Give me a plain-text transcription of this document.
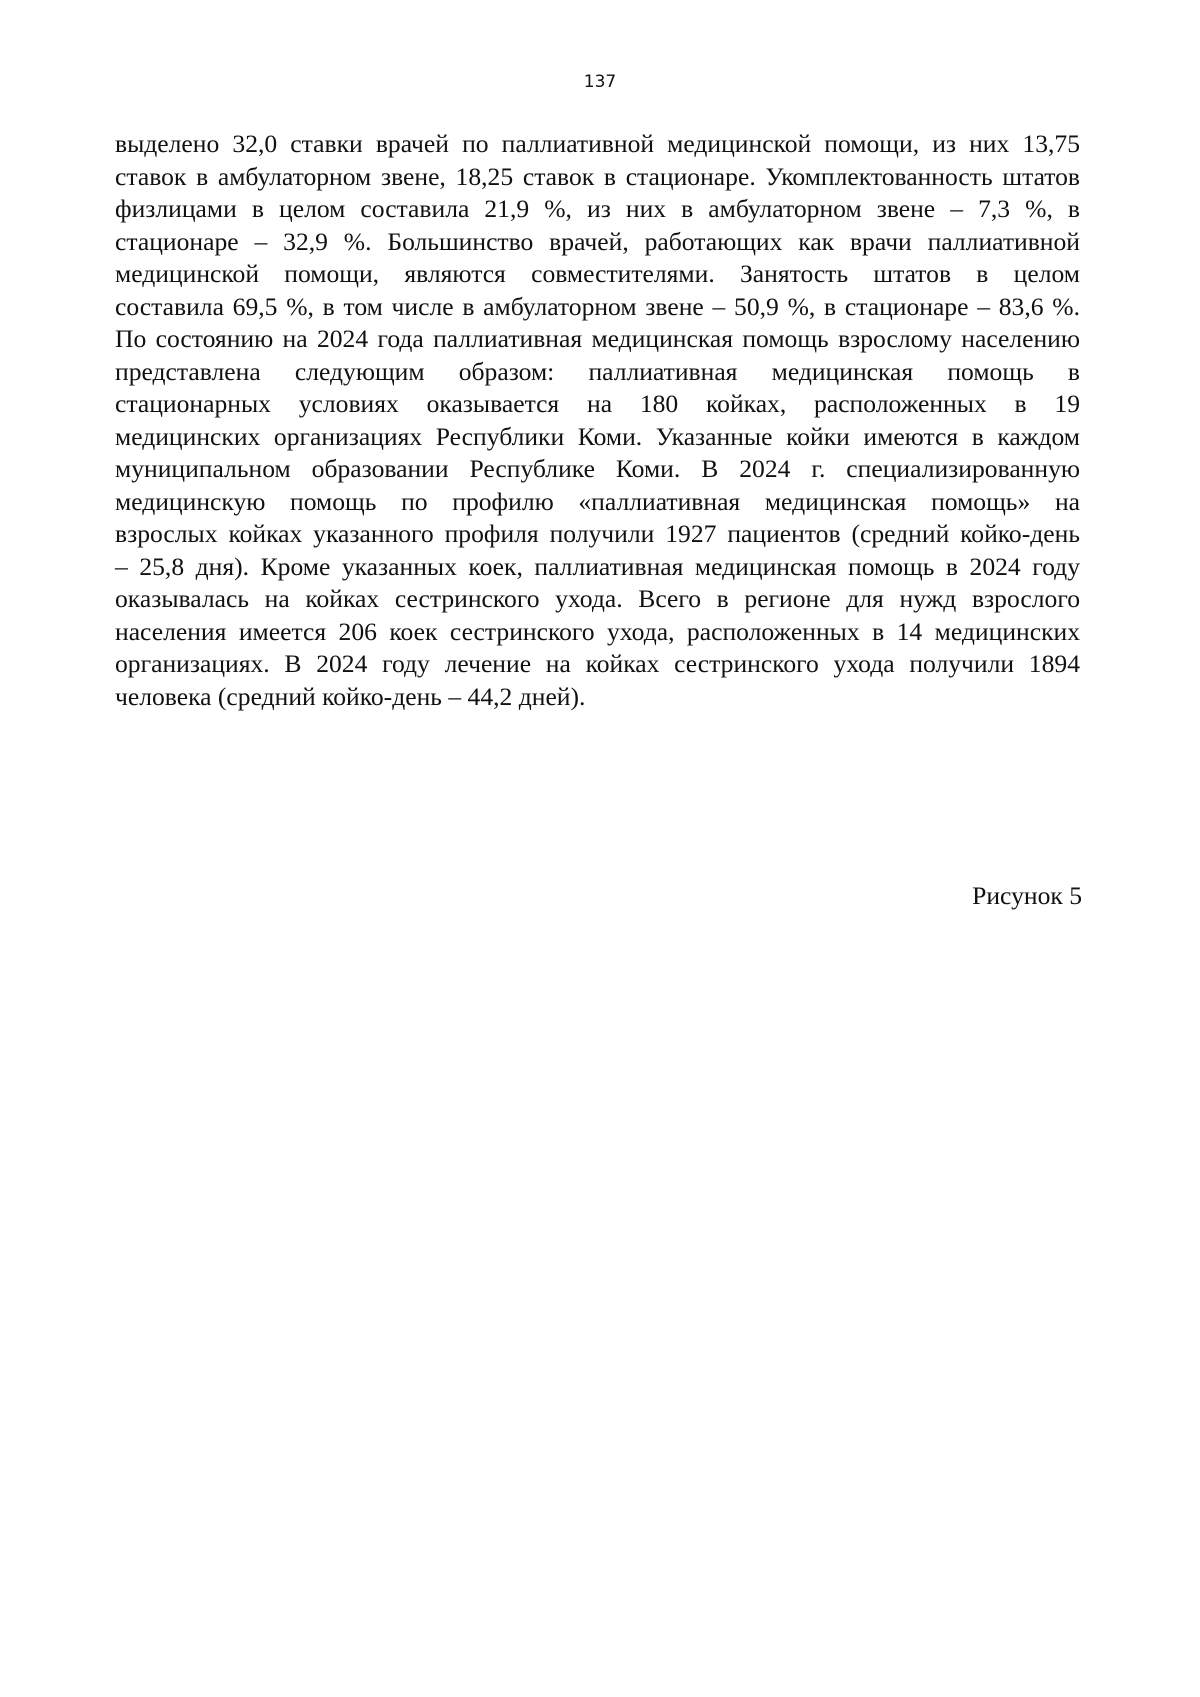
137
выделено 32,0 ставки врачей по паллиативной медицинской помощи, из них 13,75
ставок в амбулаторном звене, 18,25 ставок в стационаре. Укомплектованность штатов
физлицами в целом составила 21,9 %, из них в амбулаторном звене – 7,3 %, в
стационаре – 32,9 %. Большинство врачей, работающих как врачи паллиативной
медицинской помощи, являются совместителями. Занятость штатов в целом
составила 69,5 %, в том числе в амбулаторном звене – 50,9 %, в стационаре – 83,6 %.
По состоянию на 2024 года паллиативная медицинская помощь взрослому населению
представлена следующим образом: паллиативная медицинская помощь в
стационарных условиях оказывается на 180 койках, расположенных в 19
медицинских организациях Республики Коми. Указанные койки имеются в каждом
муниципальном образовании Республике Коми. В 2024 г. специализированную
медицинскую помощь по профилю «паллиативная медицинская помощь» на
взрослых койках указанного профиля получили 1927 пациентов (средний койко-день
– 25,8 дня). Кроме указанных коек, паллиативная медицинская помощь в 2024 году
оказывалась на койках сестринского ухода. Всего в регионе для нужд взрослого
населения имеется 206 коек сестринского ухода, расположенных в 14 медицинских
организациях. В 2024 году лечение на койках сестринского ухода получили 1894
человека (средний койко-день – 44,2 дней).
Рисунок 5
